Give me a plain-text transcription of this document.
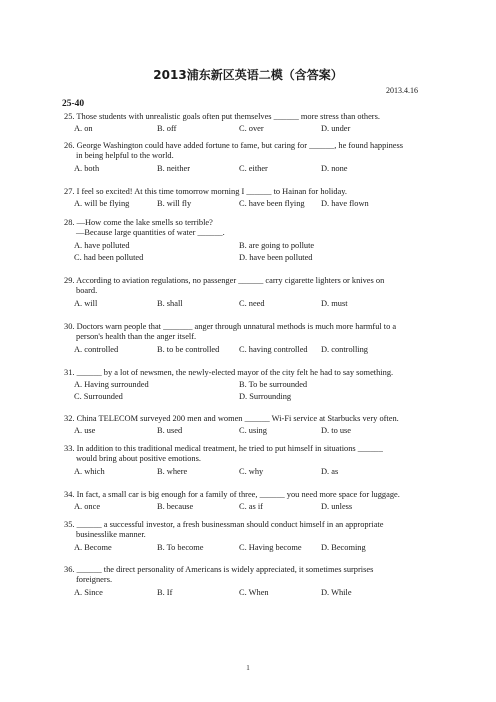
2013浦东新区英语二模（含答案）
2013.4.16
25-40
25. Those students with unrealistic goals often put themselves ______ more stress than others.
A. on	B. off	C. over	D. under
26. George Washington could have added fortune to fame, but caring for ______, he found happiness
in being helpful to the world.
A. both	B. neither	C. either	D. none
27. I feel so excited! At this time tomorrow morning I ______ to Hainan for holiday.
A. will be flying	B. will fly	C. have been flying D. have flown
28. —How come the lake smells so terrible?
—Because large quantities of water ______.
A. have polluted	B. are going to pollute
C. had been polluted	D. have been polluted
29. According to aviation regulations, no passenger ______ carry cigarette lighters or knives on
board.
A. will	B. shall	C. need	D. must
30. Doctors warn people that _______ anger through unnatural methods is much more harmful to a
person's health than the anger itself.
A. controlled	B. to be controlled C. having controlled D. controlling
31. ______ by a lot of newsmen, the newly-elected mayor of the city felt he had to say something.
A. Having surrounded	B. To be surrounded
C. Surrounded	D. Surrounding
32. China TELECOM surveyed 200 men and women ______ Wi-Fi service at Starbucks very often.
A. use	B. used	C. using	D. to use
33. In addition to this traditional medical treatment, he tried to put himself in situations ______
would bring about positive emotions.
A. which	B. where	C. why	D. as
34. In fact, a small car is big enough for a family of three, ______ you need more space for luggage.
A. once	B. because	C. as if	D. unless
35. ______ a successful investor, a fresh businessman should conduct himself in an appropriate
businesslike manner.
A. Become	B. To become	C. Having become D. Becoming
36. ______ the direct personality of Americans is widely appreciated, it sometimes surprises
foreigners.
A. Since	B. If	C. When	D. While
1
